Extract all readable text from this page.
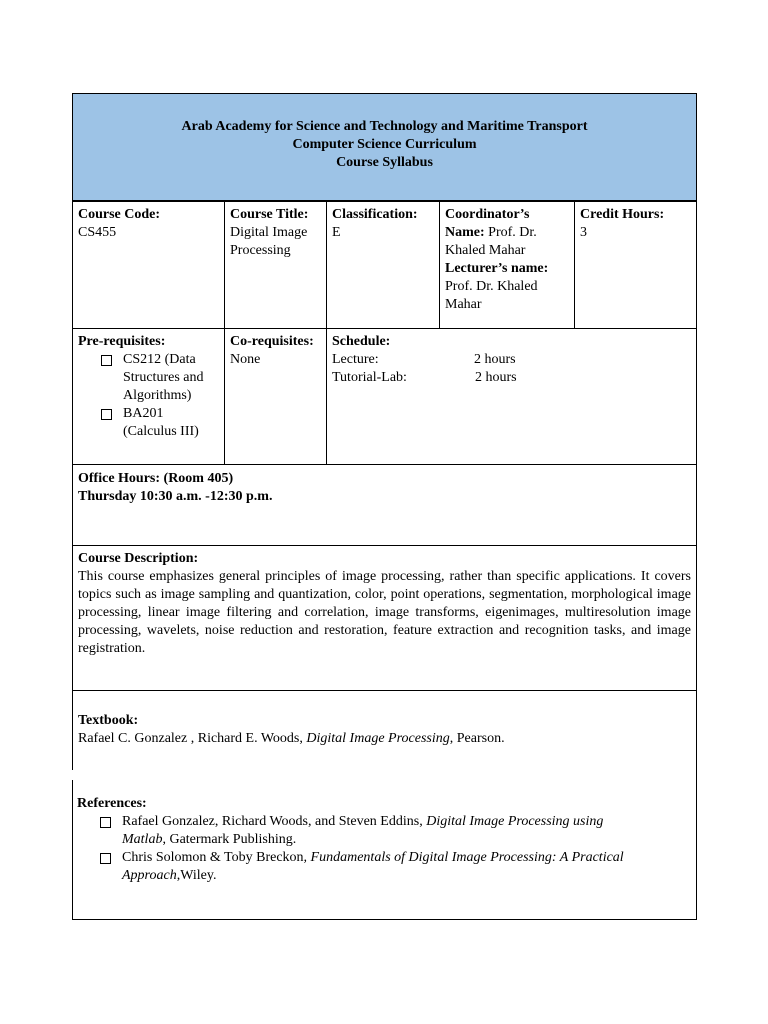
Arab Academy for Science and Technology and Maritime Transport
Computer Science Curriculum
Course Syllabus
Course Code:
CS455
Course Title:
Digital Image
Processing
Classification:
E
Coordinator’s
Name: Prof. Dr.
Khaled Mahar
Lecturer’s name:
Prof. Dr. Khaled
Mahar
Credit Hours:
3
Pre-requisites:
CS212 (Data
Structures and
Algorithms)
BA201
(Calculus III)
Co-requisites:
None
Schedule:
Lecture:	2 hours
Tutorial-Lab:	2 hours
Office Hours: (Room 405)
Thursday 10:30 a.m. -12:30 p.m.
Course Description:
This course emphasizes general principles of image processing, rather than specific applications. It covers topics such as image sampling and quantization, color, point operations, segmentation, morphological image processing, linear image filtering and correlation, image transforms, eigenimages, multiresolution image processing, wavelets, noise reduction and restoration, feature extraction and recognition tasks, and image registration.
Textbook:
Rafael C. Gonzalez , Richard E. Woods, Digital Image Processing, Pearson.
References:
Rafael Gonzalez, Richard Woods, and Steven Eddins, Digital Image Processing using
Matlab, Gatermark Publishing.
Chris Solomon & Toby Breckon, Fundamentals of Digital Image Processing: A Practical
Approach,Wiley.
